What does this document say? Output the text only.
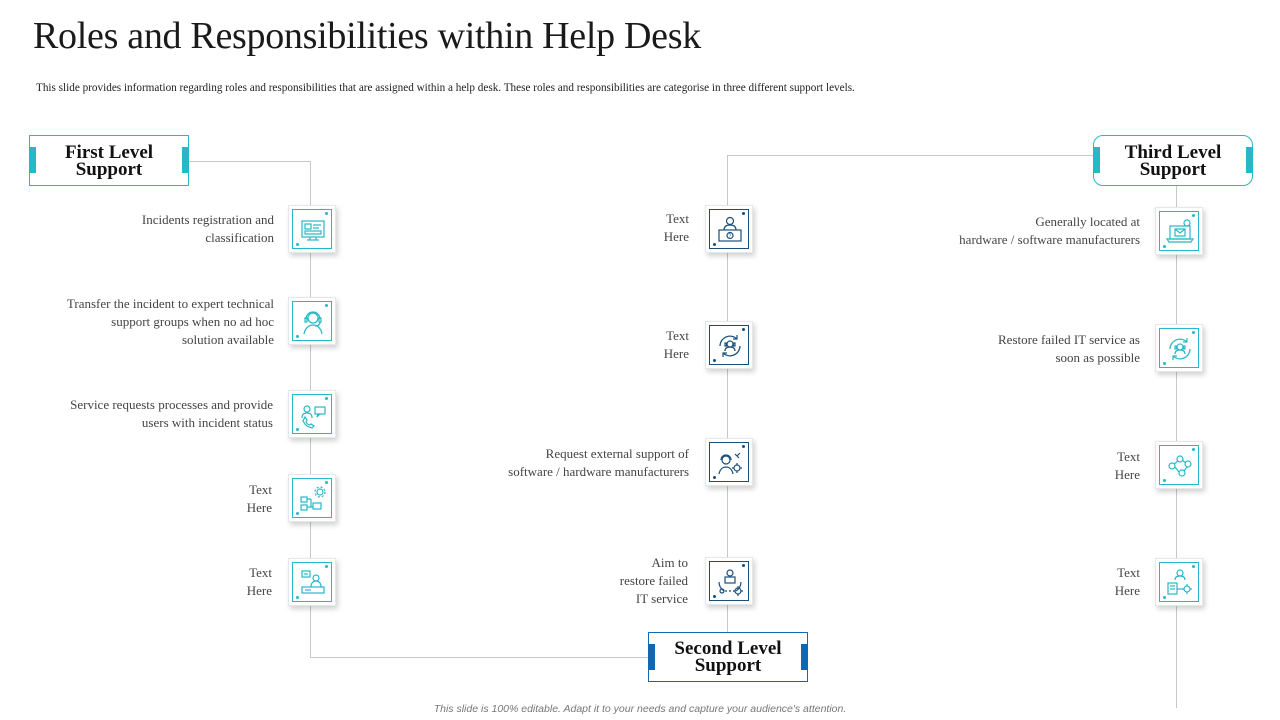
Roles and Responsibilities within Help Desk
This slide provides information regarding roles and responsibilities that are assigned within a help desk. These roles and responsibilities are categorise in three different support levels.
First Level
Support
Second Level
Support
Third Level
Support
Incidents registration and
classification
Transfer the incident to expert technical
support groups when no ad hoc
solution available
Service requests processes and provide
users with incident status
Text
Here
Text
Here
Text
Here	?
Text
Here
Request external support of
software / hardware manufacturers
Aim to
restore failed
IT service
Generally located at
hardware / software manufacturers
Restore failed IT service as
soon as possible
Text
Here
Text
Here
This slide is 100% editable. Adapt it to your needs and capture your audience's attention.
